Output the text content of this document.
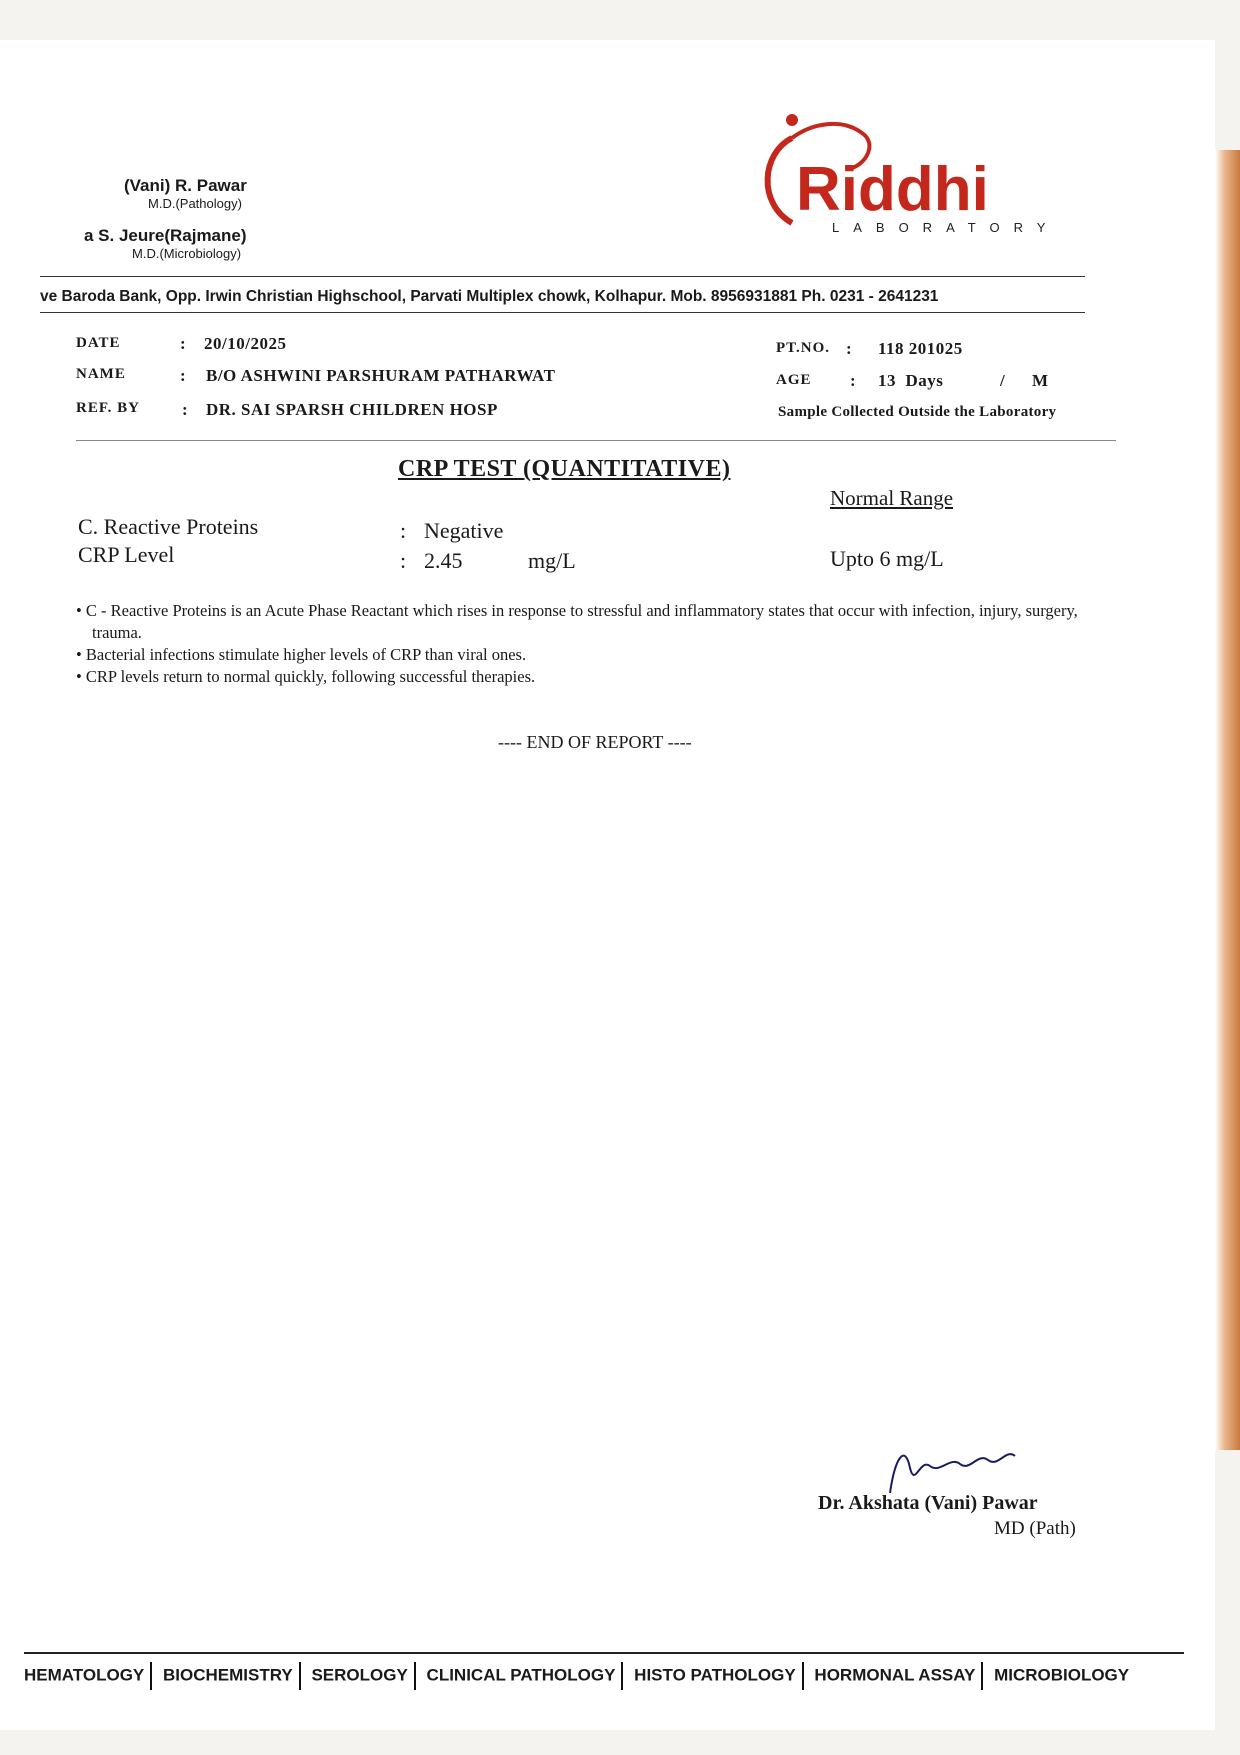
(Vani) R. Pawar
M.D.(Pathology)
a S. Jeure(Rajmane)
M.D.(Microbiology)
Riddhi
LABORATORY
ve Baroda Bank, Opp. Irwin Christian Highschool, Parvati Multiplex chowk, Kolhapur. Mob. 8956931881 Ph. 0231 - 2641231
DATE	: 20/10/2025
NAME	: B/O ASHWINI PARSHURAM PATHARWAT
REF. BY : DR. SAI SPARSH CHILDREN HOSP
PT.NO. : 118 201025
AGE : 13  Days	/ M
Sample Collected Outside the Laboratory
CRP TEST (QUANTITATIVE)
Normal Range
C. Reactive Proteins	: Negative
CRP Level	: 2.45	mg/L	Upto 6 mg/L
• C - Reactive Proteins is an Acute Phase Reactant which rises in response to stressful and inflammatory states that occur with infection, injury, surgery, trauma.
• Bacterial infections stimulate higher levels of CRP than viral ones.
• CRP levels return to normal quickly, following successful therapies.
---- END OF REPORT ----
Dr. Akshata (Vani) Pawar
MD (Path)
HEMATOLOGY BIOCHEMISTRY SEROLOGY CLINICAL PATHOLOGY HISTO PATHOLOGY HORMONAL ASSAY MICROBIOLOGY
